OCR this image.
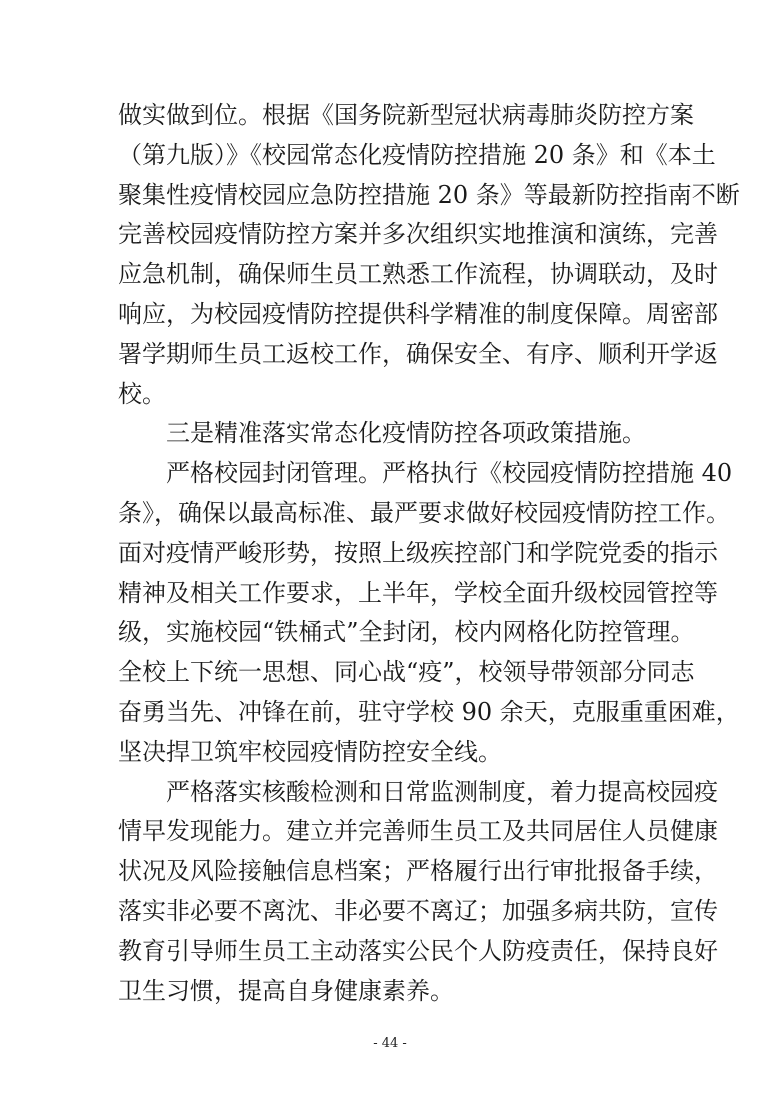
做实做到位。根据《国务院新型冠状病毒肺炎防控方案
（第九版）》《校园常态化疫情防控措施 20 条》和《本土
聚集性疫情校园应急防控措施 20 条》等最新防控指南不断
完善校园疫情防控方案并多次组织实地推演和演练，完善
应急机制，确保师生员工熟悉工作流程，协调联动，及时
响应，为校园疫情防控提供科学精准的制度保障。周密部
署学期师生员工返校工作，确保安全、有序、顺利开学返
校。
三是精准落实常态化疫情防控各项政策措施。
严格校园封闭管理。严格执行《校园疫情防控措施 40
条》，确保以最高标准、最严要求做好校园疫情防控工作。
面对疫情严峻形势，按照上级疾控部门和学院党委的指示
精神及相关工作要求，上半年，学校全面升级校园管控等
级，实施校园“铁桶式”全封闭，校内网格化防控管理。
全校上下统一思想、同心战“疫”，校领导带领部分同志
奋勇当先、冲锋在前，驻守学校 90 余天，克服重重困难，
坚决捍卫筑牢校园疫情防控安全线。
严格落实核酸检测和日常监测制度，着力提高校园疫
情早发现能力。建立并完善师生员工及共同居住人员健康
状况及风险接触信息档案；严格履行出行审批报备手续，
落实非必要不离沈、非必要不离辽；加强多病共防，宣传
教育引导师生员工主动落实公民个人防疫责任，保持良好
卫生习惯，提高自身健康素养。
- 44 -
